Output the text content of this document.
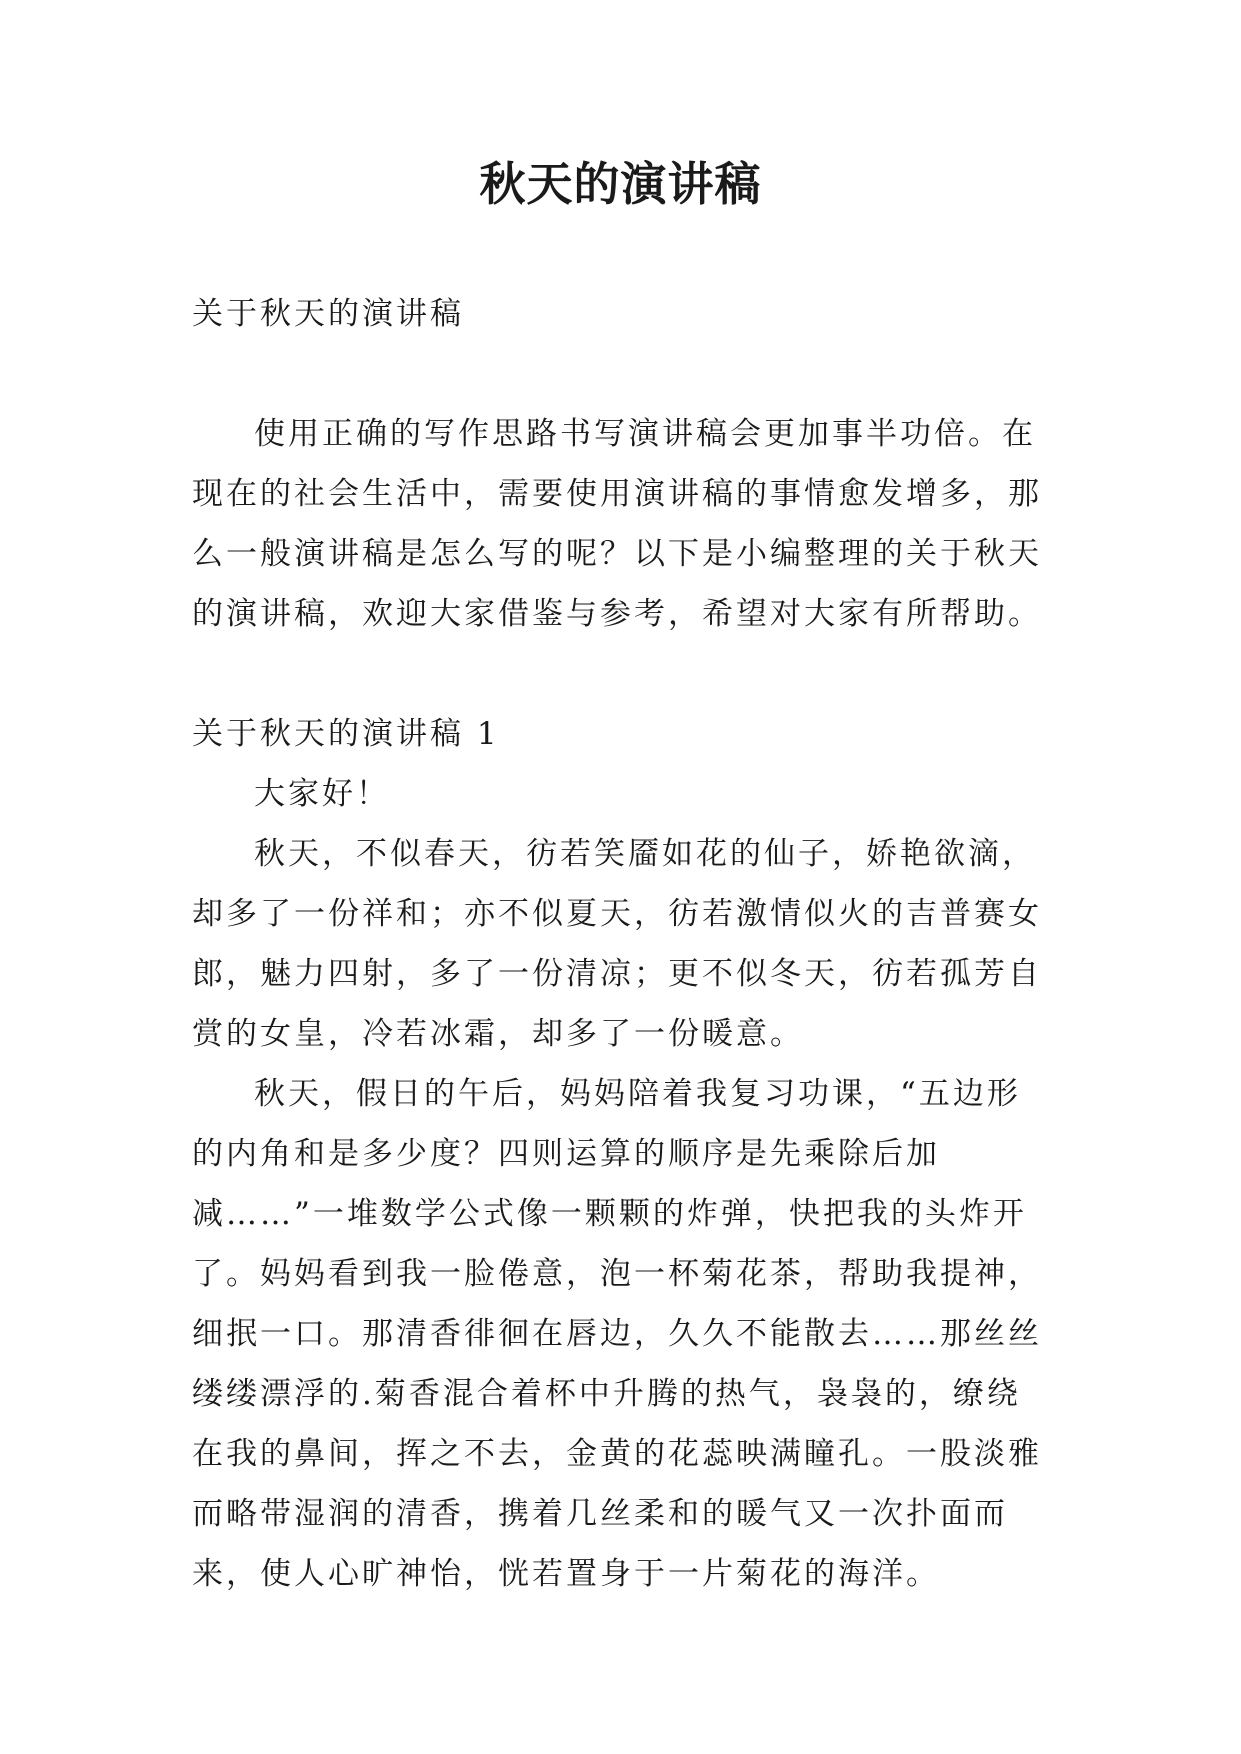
秋天的演讲稿

关于秋天的演讲稿

使用正确的写作思路书写演讲稿会更加事半功倍。在现在的社会生活中，需要使用演讲稿的事情愈发增多，那么一般演讲稿是怎么写的呢？以下是小编整理的关于秋天的演讲稿，欢迎大家借鉴与参考，希望对大家有所帮助。

关于秋天的演讲稿 1

大家好！

秋天，不似春天，彷若笑靥如花的仙子，娇艳欲滴，却多了一份祥和；亦不似夏天，彷若激情似火的吉普赛女郎，魅力四射，多了一份清凉；更不似冬天，彷若孤芳自赏的女皇，冷若冰霜，却多了一份暖意。

秋天，假日的午后，妈妈陪着我复习功课，“五边形的内角和是多少度？四则运算的顺序是先乘除后加减……”一堆数学公式像一颗颗的炸弹，快把我的头炸开了。妈妈看到我一脸倦意，泡一杯菊花茶，帮助我提神，细抿一口。那清香徘徊在唇边，久久不能散去……那丝丝缕缕漂浮的.菊香混合着杯中升腾的热气，袅袅的，缭绕在我的鼻间，挥之不去，金黄的花蕊映满瞳孔。一股淡雅而略带湿润的清香，携着几丝柔和的暖气又一次扑面而来，使人心旷神怡，恍若置身于一片菊花的海洋。
